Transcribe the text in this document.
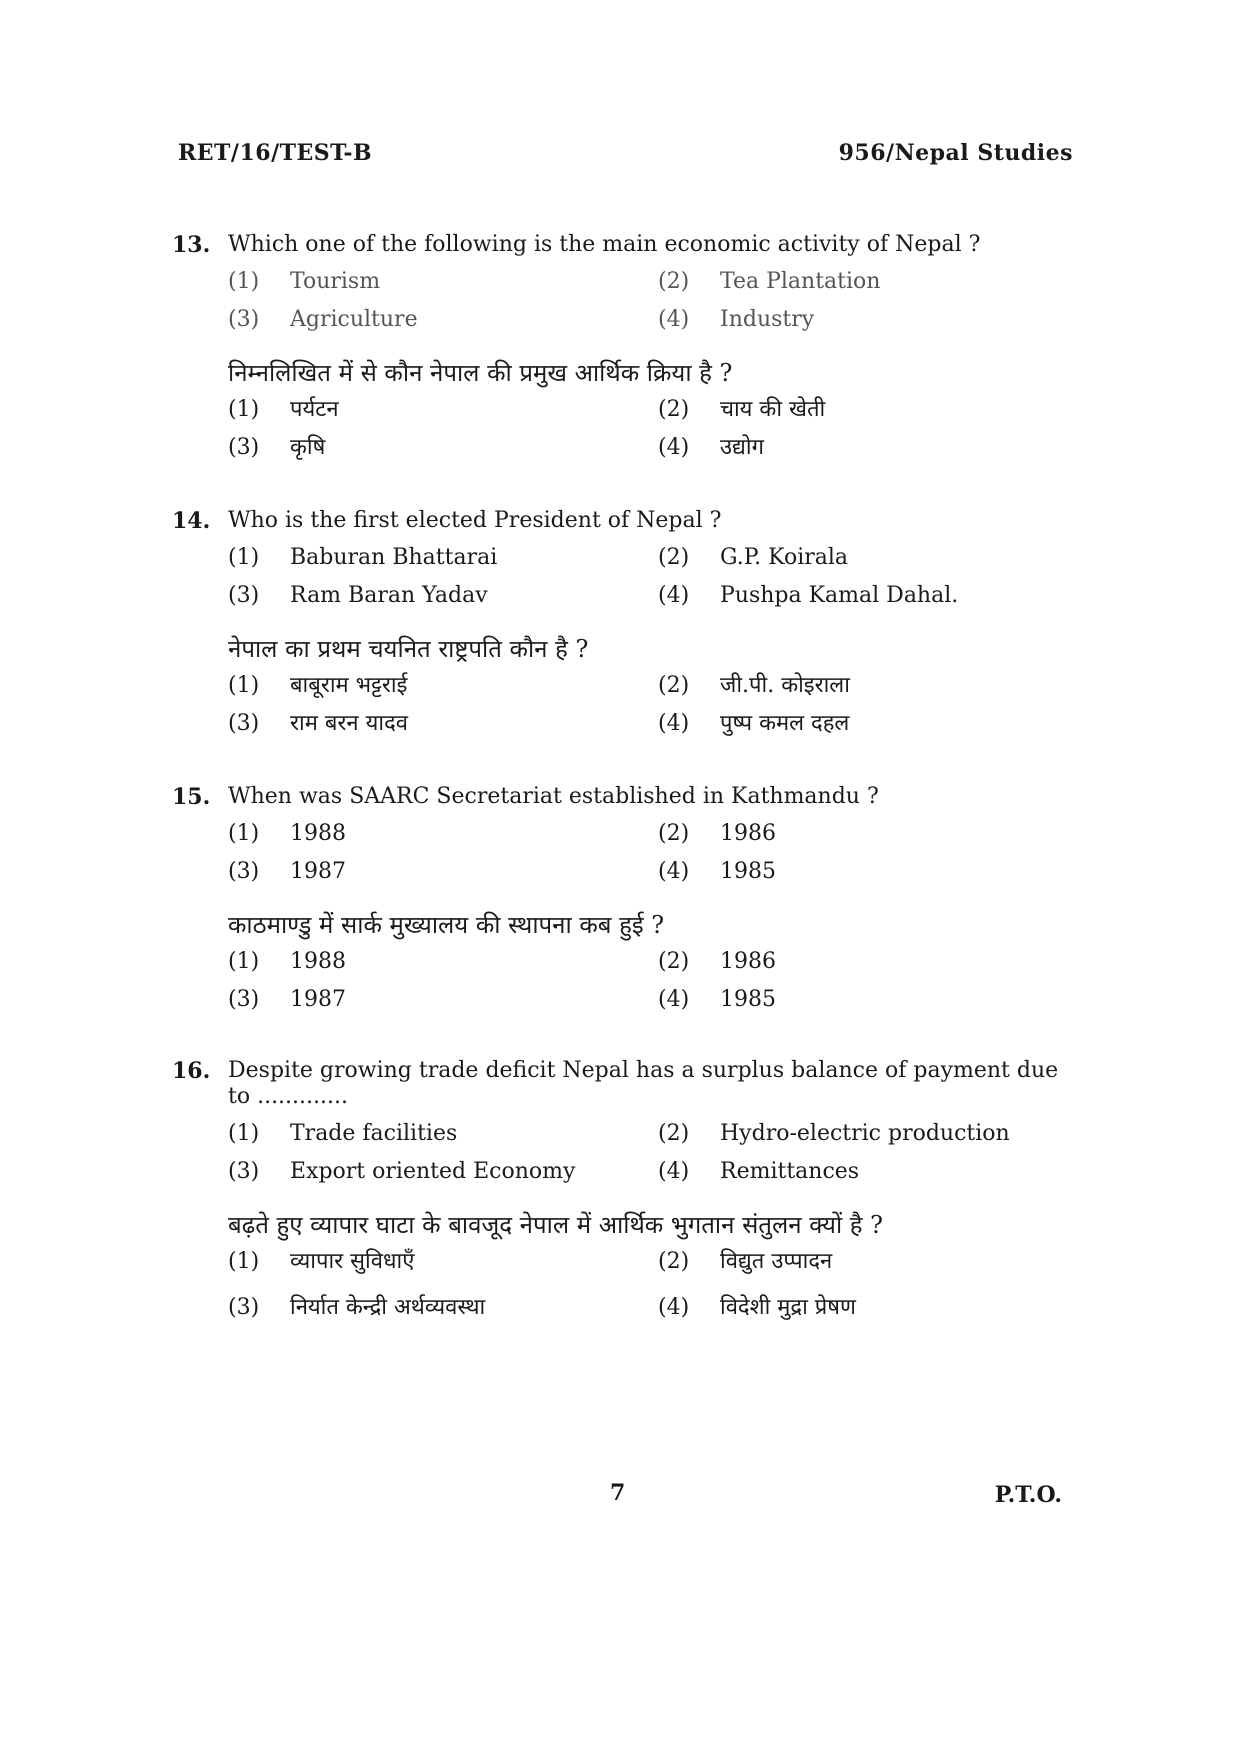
RET/16/TEST-B	956/Nepal Studies
13. Which one of the following is the main economic activity of Nepal ?
(1)	Tourism	(2)	Tea Plantation
(3)	Agriculture	(4)	Industry
निम्नलिखित में से कौन नेपाल की प्रमुख आर्थिक क्रिया है ?
(1)	पर्यटन	(2)	चाय की खेती
(3)	कृषि	(4)	उद्योग
14. Who is the first elected President of Nepal ?
(1)	Baburan Bhattarai	(2)	G.P. Koirala
(3)	Ram Baran Yadav	(4)	Pushpa Kamal Dahal.
नेपाल का प्रथम चयनित राष्ट्रपति कौन है ?
(1)	बाबूराम भट्टराई	(2)	जी.पी. कोइराला
(3)	राम बरन यादव	(4)	पुष्प कमल दहल
15. When was SAARC Secretariat established in Kathmandu ?
(1)	1988	(2)	1986
(3)	1987	(4)	1985
काठमाण्डु में सार्क मुख्यालय की स्थापना कब हुई ?
(1)	1988	(2)	1986
(3)	1987	(4)	1985
16. Despite growing trade deficit Nepal has a surplus balance of payment due to .............
(1)	Trade facilities	(2)	Hydro-electric production
(3)	Export oriented Economy	(4)	Remittances
बढ़ते हुए व्यापार घाटा के बावजूद नेपाल में आर्थिक भुगतान संतुलन क्यों है ?
(1)	व्यापार सुविधाएँ	(2)	विद्युत उप्पादन
(3)	निर्यात केन्द्री अर्थव्यवस्था	(4)	विदेशी मुद्रा प्रेषण
7	P.T.O.
